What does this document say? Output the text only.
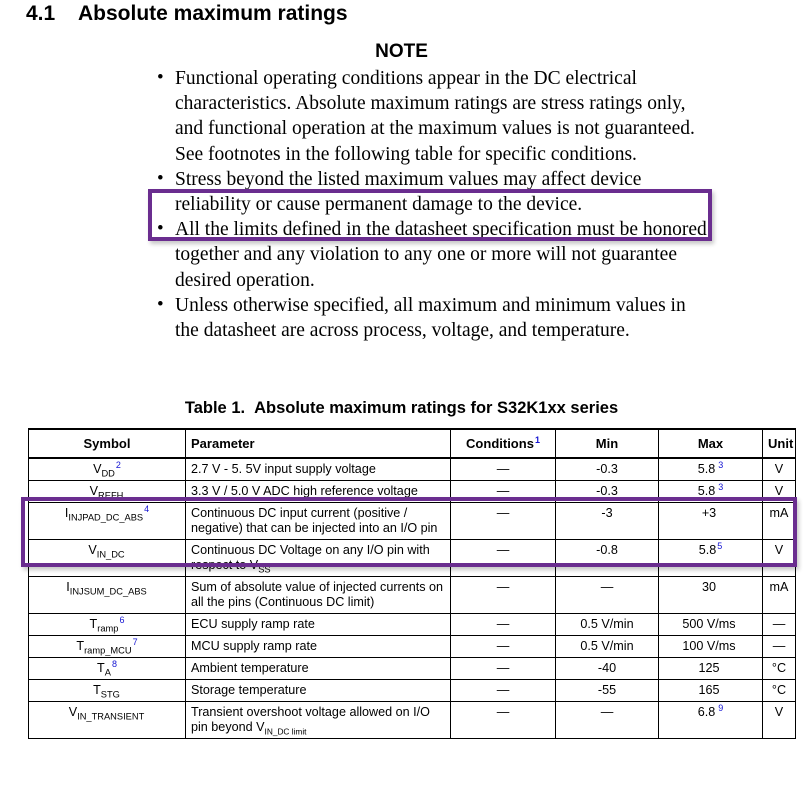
4.1 Absolute maximum ratings
NOTE
• Functional operating conditions appear in the DC electrical characteristics. Absolute maximum ratings are stress ratings only, and functional operation at the maximum values is not guaranteed. See footnotes in the following table for specific conditions.
• Stress beyond the listed maximum values may affect device reliability or cause permanent damage to the device.
• All the limits defined in the datasheet specification must be honored together and any violation to any one or more will not guarantee desired operation.
• Unless otherwise specified, all maximum and minimum values in the datasheet are across process, voltage, and temperature.
Table 1. Absolute maximum ratings for S32K1xx series
Symbol	Parameter	Conditions$^1$	Min	Max	Unit
$V_{DD}^2$	2.7 V - 5. 5V input supply voltage	—	-0.3	5.8 $^3$	V
$V_{REFH}$	3.3 V / 5.0 V ADC high reference voltage	—	-0.3	5.8 $^3$	V
$I_{INJPAD\_DC\_ABS}^4$	Continuous DC input current (positive / negative) that can be injected into an I/O pin	—	-3	+3	mA
$V_{IN\_DC}$	Continuous DC Voltage on any I/O pin with respect to $V_{SS}$	—	-0.8	5.8$^5$	V
$I_{INJSUM\_DC\_ABS}$	Sum of absolute value of injected currents on all the pins (Continuous DC limit)	—	—	30	mA
$T_{ramp}^6$	ECU supply ramp rate	—	0.5 V/min	500 V/ms	—
$T_{ramp\_MCU}^7$	MCU supply ramp rate	—	0.5 V/min	100 V/ms	—
$T_A^8$	Ambient temperature	—	-40	125	°C
$T_{STG}$	Storage temperature	—	-55	165	°C
$V_{IN\_TRANSIENT}$	Transient overshoot voltage allowed on I/O pin beyond $V_{IN\_DC limit}$	—	—	6.8 $^9$	V
